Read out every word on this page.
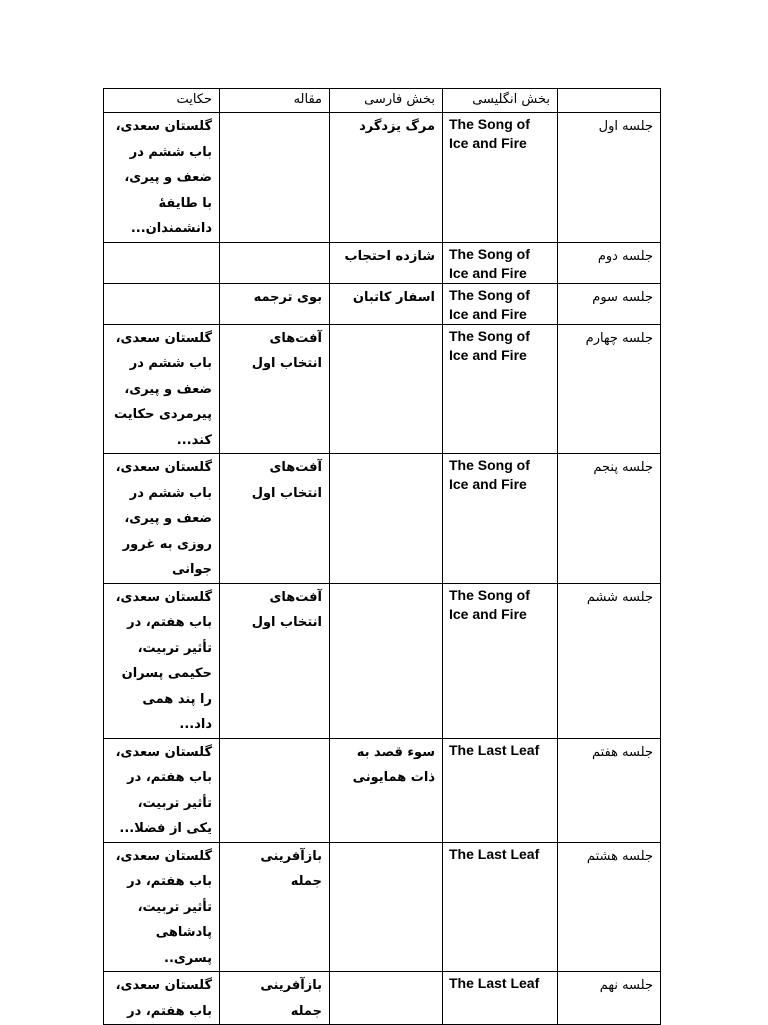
	بخش انگلیسی	بخش فارسی	مقاله	حکایت
جلسه اول	The Song of Ice and Fire	مرگ یزدگرد		گلستان سعدی، باب ششم در ضعف و پیری، با طایفهٔ دانشمندان...
جلسه دوم	The Song of Ice and Fire	شازده احتجاب		
جلسه سوم	The Song of Ice and Fire	اسفار کاتبان	بوی ترجمه	
جلسه چهارم	The Song of Ice and Fire		آفت‌های انتخاب اول	گلستان سعدی، باب ششم در ضعف و پیری، پیرمردی حکایت کند...
جلسه پنجم	The Song of Ice and Fire		آفت‌های انتخاب اول	گلستان سعدی، باب ششم در ضعف و پیری، روزی به غرور جوانی
جلسه ششم	The Song of Ice and Fire		آفت‌های انتخاب اول	گلستان سعدی، باب هفتم، در تأثیر تربیت، حکیمی پسران را پند همی داد...
جلسه هفتم	The Last Leaf	سوء قصد به ذات همایونی		گلستان سعدی، باب هفتم، در تأثیر تربیت، یکی از فضلا...
جلسه هشتم	The Last Leaf		بازآفرینی جمله	گلستان سعدی، باب هفتم، در تأثیر تربیت، پادشاهی پسری..
جلسه نهم	The Last Leaf		بازآفرینی جمله	گلستان سعدی، باب هفتم، در
